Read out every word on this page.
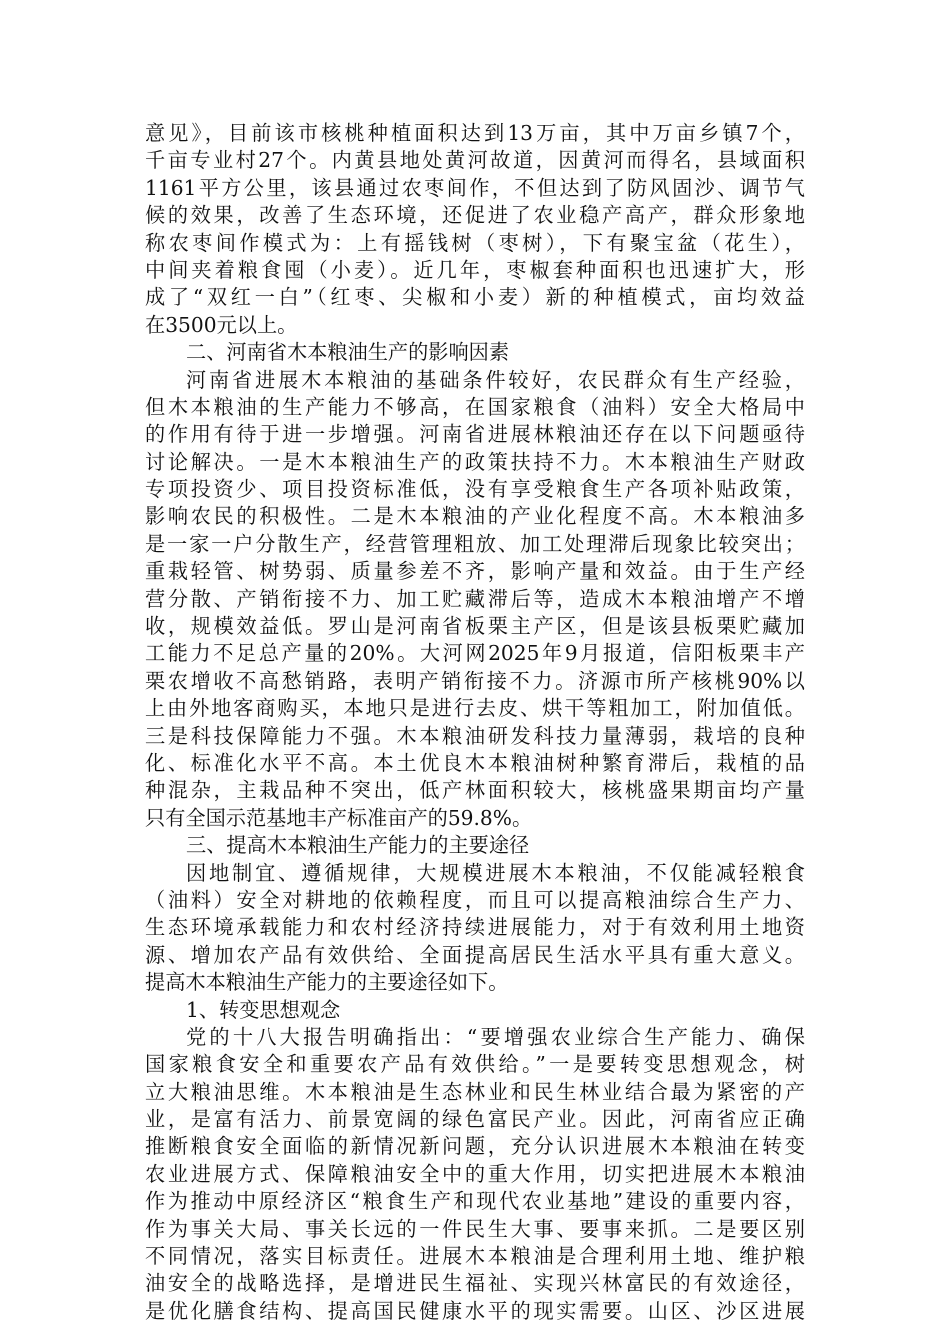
意见》，目前该市核桃种植面积达到13万亩，其中万亩乡镇7个，
千亩专业村27个。内黄县地处黄河故道，因黄河而得名，县域面积
1161平方公里，该县通过农枣间作，不但达到了防风固沙、调节气
候的效果，改善了生态环境，还促进了农业稳产高产，群众形象地
称农枣间作模式为：上有摇钱树（枣树），下有聚宝盆（花生），
中间夹着粮食囤（小麦）。近几年，枣椒套种面积也迅速扩大，形
成了“双红一白”（红枣、尖椒和小麦）新的种植模式，亩均效益
在3500元以上。
二、河南省木本粮油生产的影响因素
河南省进展木本粮油的基础条件较好，农民群众有生产经验，
但木本粮油的生产能力不够高，在国家粮食（油料）安全大格局中
的作用有待于进一步增强。河南省进展林粮油还存在以下问题亟待
讨论解决。一是木本粮油生产的政策扶持不力。木本粮油生产财政
专项投资少、项目投资标准低，没有享受粮食生产各项补贴政策，
影响农民的积极性。二是木本粮油的产业化程度不高。木本粮油多
是一家一户分散生产，经营管理粗放、加工处理滞后现象比较突出；
重栽轻管、树势弱、质量参差不齐，影响产量和效益。由于生产经
营分散、产销衔接不力、加工贮藏滞后等，造成木本粮油增产不增
收，规模效益低。罗山是河南省板栗主产区，但是该县板栗贮藏加
工能力不足总产量的20%。大河网2025年9月报道，信阳板栗丰产
栗农增收不高愁销路，表明产销衔接不力。济源市所产核桃90%以
上由外地客商购买，本地只是进行去皮、烘干等粗加工，附加值低。
三是科技保障能力不强。木本粮油研发科技力量薄弱，栽培的良种
化、标准化水平不高。本土优良木本粮油树种繁育滞后，栽植的品
种混杂，主栽品种不突出，低产林面积较大，核桃盛果期亩均产量
只有全国示范基地丰产标准亩产的59.8%。
三、提高木本粮油生产能力的主要途径
因地制宜、遵循规律，大规模进展木本粮油，不仅能减轻粮食
（油料）安全对耕地的依赖程度，而且可以提高粮油综合生产力、
生态环境承载能力和农村经济持续进展能力，对于有效利用土地资
源、增加农产品有效供给、全面提高居民生活水平具有重大意义。
提高木本粮油生产能力的主要途径如下。
1、转变思想观念
党的十八大报告明确指出：“要增强农业综合生产能力、确保
国家粮食安全和重要农产品有效供给。”一是要转变思想观念，树
立大粮油思维。木本粮油是生态林业和民生林业结合最为紧密的产
业，是富有活力、前景宽阔的绿色富民产业。因此，河南省应正确
推断粮食安全面临的新情况新问题，充分认识进展木本粮油在转变
农业进展方式、保障粮油安全中的重大作用，切实把进展木本粮油
作为推动中原经济区“粮食生产和现代农业基地”建设的重要内容，
作为事关大局、事关长远的一件民生大事、要事来抓。二是要区别
不同情况，落实目标责任。进展木本粮油是合理利用土地、维护粮
油安全的战略选择，是增进民生福祉、实现兴林富民的有效途径，
是优化膳食结构、提高国民健康水平的现实需要。山区、沙区进展
